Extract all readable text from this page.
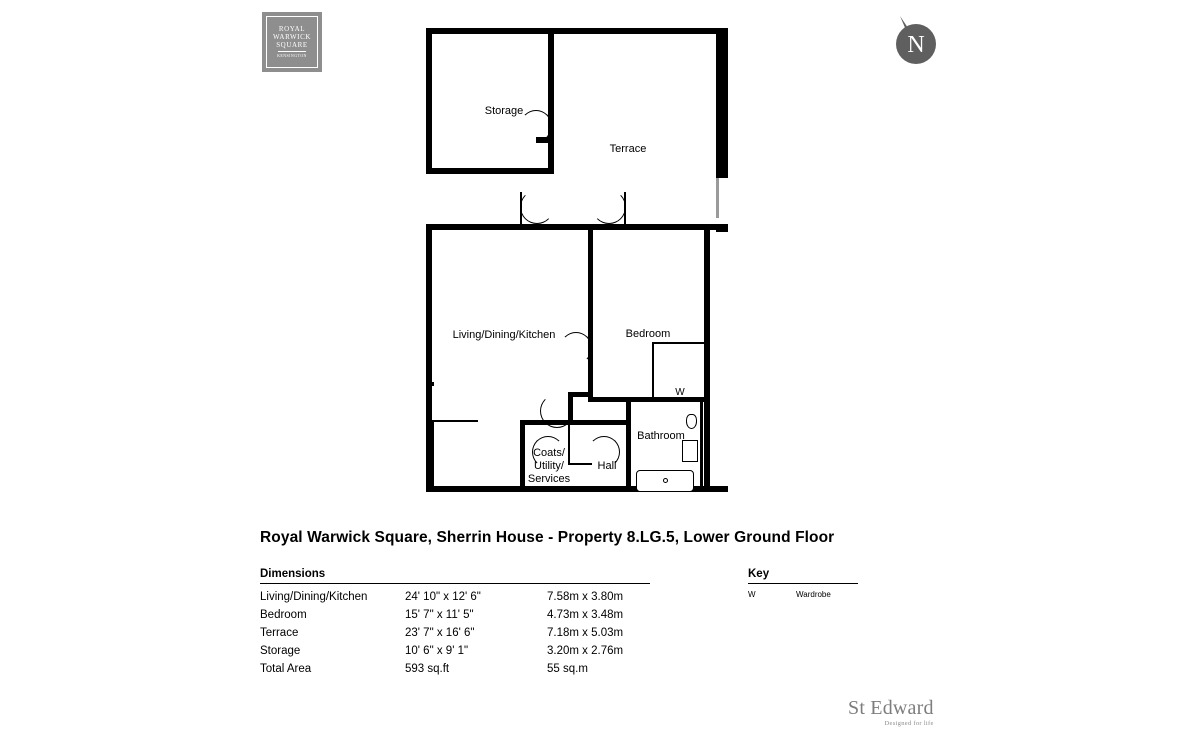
ROYAL
WARWICK
SQUARE
KENSINGTON	N
Storage
Terrace
Living/Dining/Kitchen	Bedroom
Bathroom
Hall
Coats/
Utility/
Services
W
Royal Warwick Square, Sherrin House - Property 8.LG.5, Lower Ground Floor
Dimensions
Living/Dining/Kitchen	24' 10" x 12' 6"	7.58m x 3.80m
Bedroom	15' 7" x 11' 5"	4.73m x 3.48m
Terrace	23' 7" x 16' 6"	7.18m x 5.03m
Storage	10' 6" x 9' 1"	3.20m x 2.76m
Total Area	593 sq.ft	55 sq.m
Key
W	Wardrobe
St Edward
Designed for life
